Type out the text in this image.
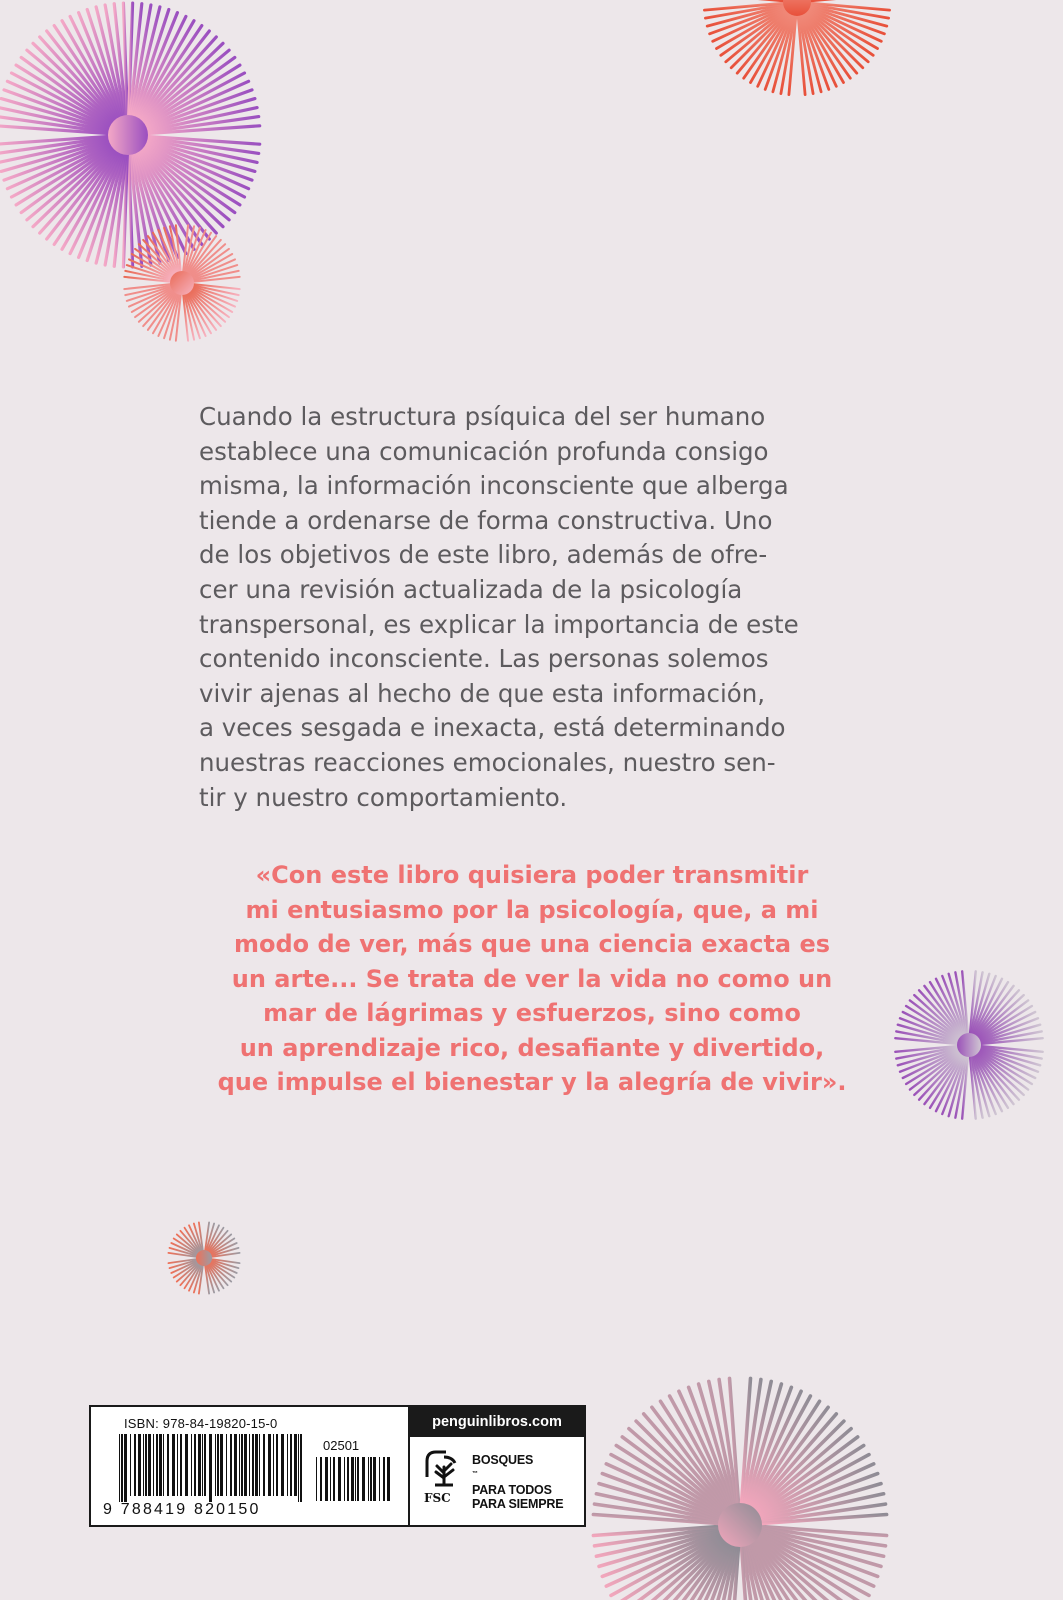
Cuando la estructura psíquica del ser humano
establece una comunicación profunda consigo
misma, la información inconsciente que alberga
tiende a ordenarse de forma constructiva. Uno
de los objetivos de este libro, además de ofre-
cer una revisión actualizada de la psicología
transpersonal, es explicar la importancia de este
contenido inconsciente. Las personas solemos
vivir ajenas al hecho de que esta información,
a veces sesgada e inexacta, está determinando
nuestras reacciones emocionales, nuestro sen-
tir y nuestro comportamiento.
«Con este libro quisiera poder transmitir
mi entusiasmo por la psicología, que, a mi
modo de ver, más que una ciencia exacta es
un arte... Se trata de ver la vida no como un
mar de lágrimas y esfuerzos, sino como
un aprendizaje rico, desafiante y divertido,
que impulse el bienestar y la alegría de vivir».
ISBN: 978-84-19820-15-0
02501
9 788419 820150
penguinlibros.com
FSC
BOSQUES
™
PARA TODOS
PARA SIEMPRE
